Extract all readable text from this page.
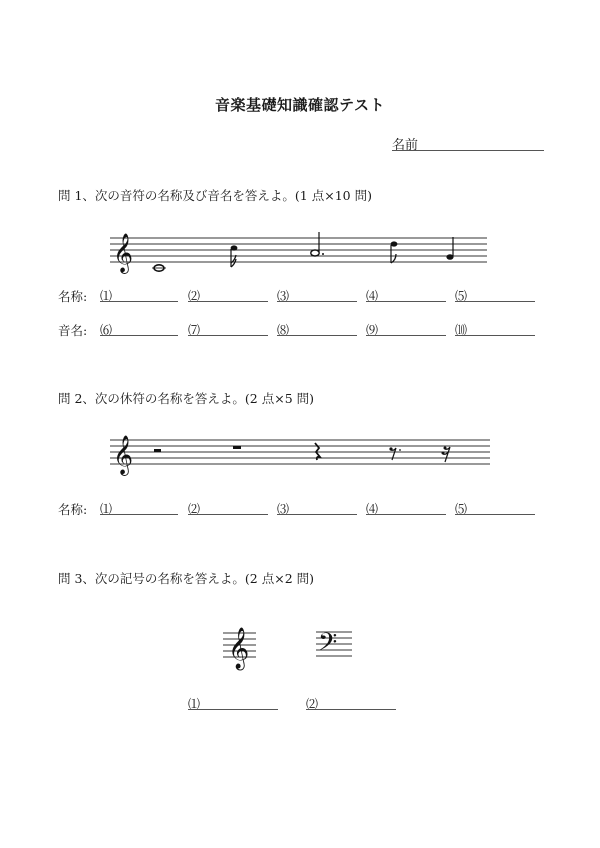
音楽基礎知識確認テスト
名前
問 1、次の音符の名称及び音名を答えよ。(1 点×10 問)
𝄞
𝄞
𝄞 𝄢
名称: ⑴	⑵	⑶	⑷	⑸
音名: ⑹	⑺	⑻	⑼	⑽
問 2、次の休符の名称を答えよ。(2 点×5 問)
名称: ⑴	⑵	⑶	⑷	⑸
問 3、次の記号の名称を答えよ。(2 点×2 問)
⑴	⑵
